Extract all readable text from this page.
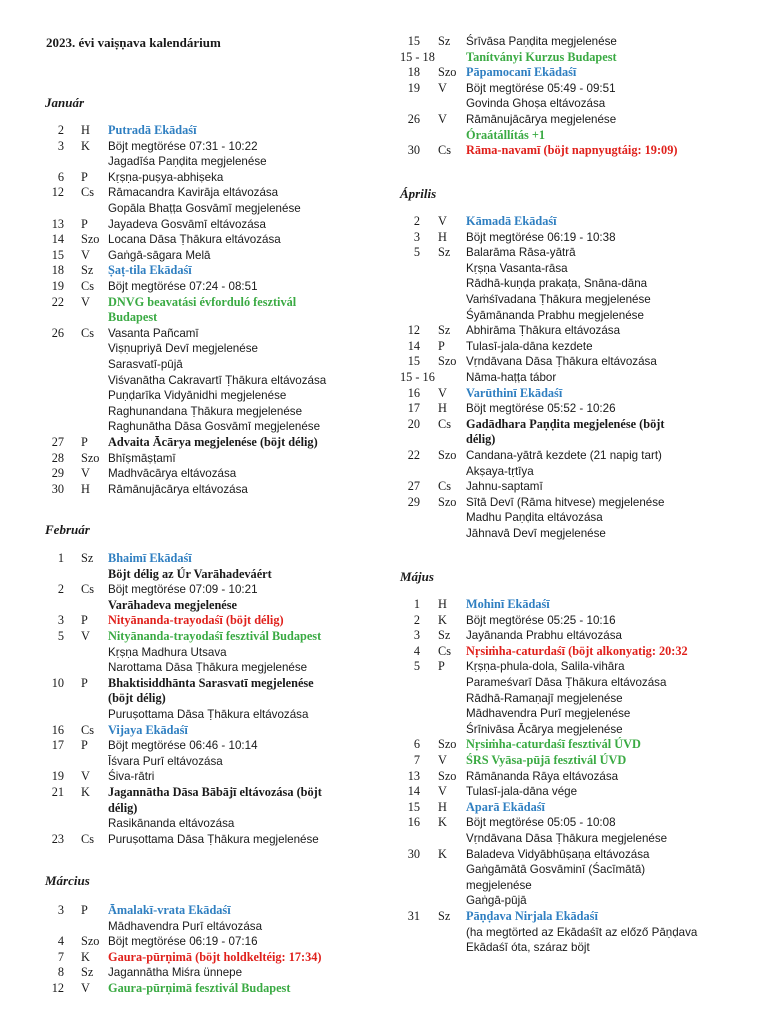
2023. évi vaiṣṇava kalendárium
Január
2 H Putradā Ekādaśī
3 K Böjt megtörése 07:31 - 10:22
Jagadīśa Paṇḍita megjelenése
6 P Kṛṣṇa-puṣya-abhiṣeka
12 Cs Rāmacandra Kavirāja eltávozása
Gopāla Bhaṭṭa Gosvāmī megjelenése
13 P Jayadeva Gosvāmī eltávozása
14 Szo Locana Dāsa Ṭhākura eltávozása
15 V Gaṅgā-sāgara Melā
18 Sz Ṣaṭ-tila Ekādaśī
19 Cs Böjt megtörése 07:24 - 08:51
22 V DNVG beavatási évforduló fesztivál
Budapest
26 Cs Vasanta Pañcamī
Viṣṇupriyā Devī megjelenése
Sarasvatī-pūjā
Viśvanātha Cakravartī Ṭhākura eltávozása
Puṇḍarīka Vidyānidhi megjelenése
Raghunandana Ṭhākura megjelenése
Raghunātha Dāsa Gosvāmī megjelenése
27 P Advaita Ācārya megjelenése (böjt délig)
28 Szo Bhīṣmāṣṭamī
29 V Madhvācārya eltávozása
30 H Rāmānujācārya eltávozása
Február
1 Sz Bhaimī Ekādaśī
Böjt délig az Úr Varāhadeváért
2 Cs Böjt megtörése 07:09 - 10:21
Varāhadeva megjelenése
3 P Nityānanda-trayodaśī (böjt délig)
5 V Nityānanda-trayodaśī fesztivál Budapest
Kṛṣṇa Madhura Utsava
Narottama Dāsa Ṭhākura megjelenése
10 P Bhaktisiddhānta Sarasvatī megjelenése
(böjt délig)
Puruṣottama Dāsa Ṭhākura eltávozása
16 Cs Vijaya Ekādaśī
17 P Böjt megtörése 06:46 - 10:14
Īśvara Purī eltávozása
19 V Śiva-rātri
21 K Jagannātha Dāsa Bābājī eltávozása (böjt
délig)
Rasikānanda eltávozása
23 Cs Puruṣottama Dāsa Ṭhākura megjelenése
Március
3 P Āmalakī-vrata Ekādaśī
Mādhavendra Purī eltávozása
4 Szo Böjt megtörése 06:19 - 07:16
7 K Gaura-pūrṇimā (böjt holdkeltéig: 17:34)
8 Sz Jagannātha Miśra ünnepe
12 V Gaura-pūrṇimā fesztivál Budapest
15 Sz Śrīvāsa Paṇḍita megjelenése
15 - 18	Tanítványi Kurzus Budapest
18 Szo Pāpamocanī Ekādaśī
19 V Böjt megtörése 05:49 - 09:51
Govinda Ghoṣa eltávozása
26 V Rāmānujācārya megjelenése
Óraátállítás +1
30 Cs Rāma-navamī (böjt napnyugtáig: 19:09)
Április
2 V Kāmadā Ekādaśī
3 H Böjt megtörése 06:19 - 10:38
5 Sz Balarāma Rāsa-yātrā
Kṛṣṇa Vasanta-rāsa
Rādhā-kuṇḍa prakaṭa, Snāna-dāna
Vaṁśīvadana Ṭhākura megjelenése
Śyāmānanda Prabhu megjelenése
12 Sz Abhirāma Ṭhākura eltávozása
14 P Tulasī-jala-dāna kezdete
15 Szo Vṛndāvana Dāsa Ṭhākura eltávozása
15 - 16	Nāma-haṭṭa tábor
16 V Varūthinī Ekādaśī
17 H Böjt megtörése 05:52 - 10:26
20 Cs Gadādhara Paṇḍita megjelenése (böjt
délig)
22 Szo Candana-yātrā kezdete (21 napig tart)
Akṣaya-tṛtīya
27 Cs Jahnu-saptamī
29 Szo Sītā Devī (Rāma hitvese) megjelenése
Madhu Paṇḍita eltávozása
Jāhnavā Devī megjelenése
Május
1 H Mohinī Ekādaśī
2 K Böjt megtörése 05:25 - 10:16
3 Sz Jayānanda Prabhu eltávozása
4 Cs Nṛsiṁha-caturdaśī (böjt alkonyatig: 20:32
5 P Kṛṣṇa-phula-dola, Salila-vihāra
Parameśvarī Dāsa Ṭhākura eltávozása
Rādhā-Ramaṇajī megjelenése
Mādhavendra Purī megjelenése
Śrīnivāsa Ācārya megjelenése
6 Szo Nṛsiṁha-caturdaśī fesztivál ÚVD
7 V ŚRS Vyāsa-pūjā fesztivál ÚVD
13 Szo Rāmānanda Rāya eltávozása
14 V Tulasī-jala-dāna vége
15 H Aparā Ekādaśī
16 K Böjt megtörése 05:05 - 10:08
Vṛndāvana Dāsa Ṭhākura megjelenése
30 K Baladeva Vidyābhūṣaṇa eltávozása
Gaṅgāmātā Gosvāminī (Śacīmātā)
megjelenése
Gaṅgā-pūjā
31 Sz Pāṇḍava Nirjala Ekādaśī
(ha megtörted az Ekādaśīt az előző Pāṇḍava
Ekādaśī óta, száraz böjt
